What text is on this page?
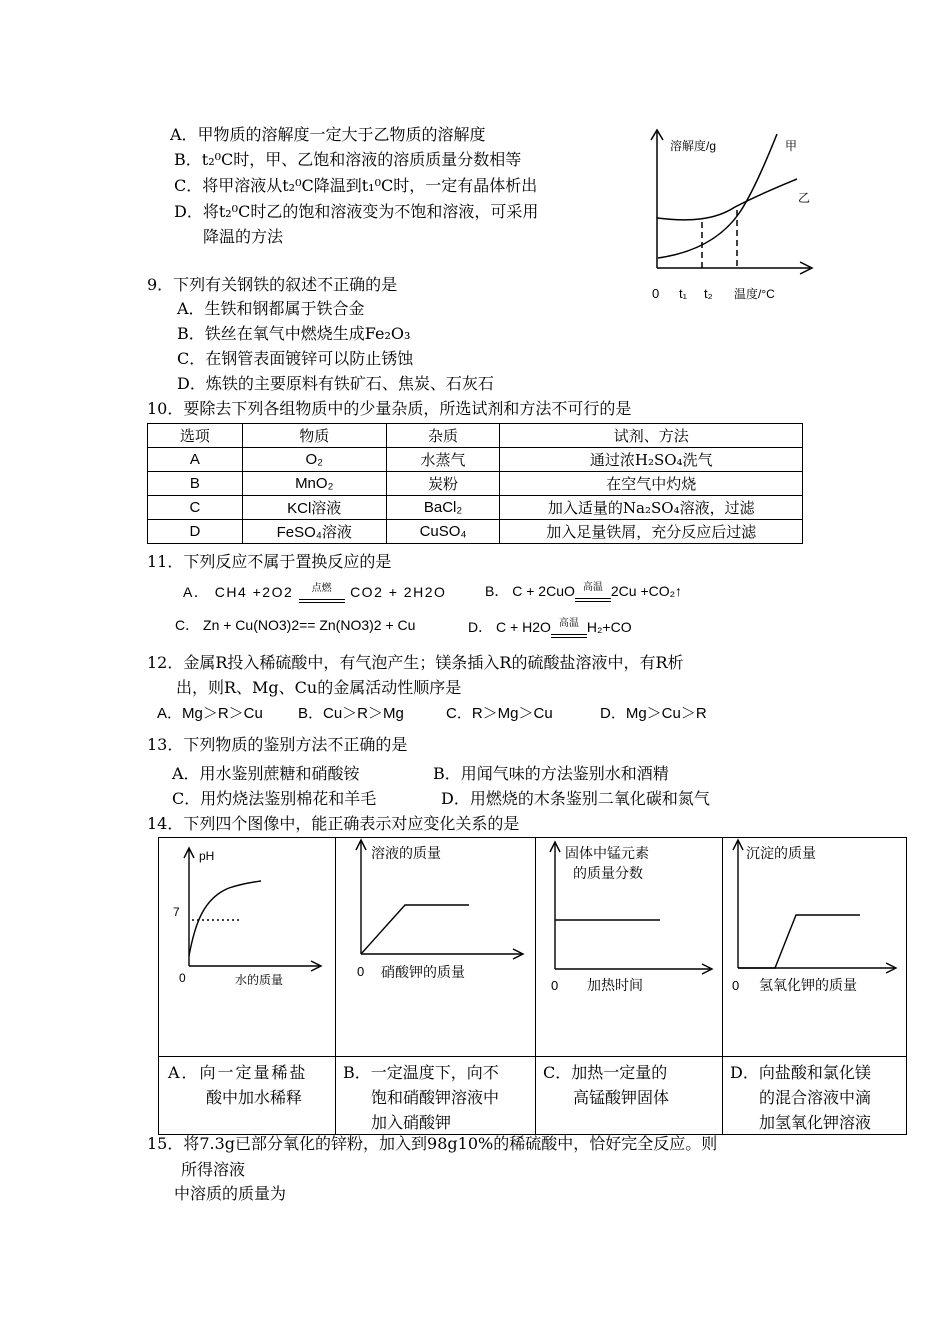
A．甲物质的溶解度一定大于乙物质的溶解度
B．t₂⁰C时，甲、乙饱和溶液的溶质质量分数相等
C．将甲溶液从t₂⁰C降温到t₁⁰C时，一定有晶体析出
D．将t₂⁰C时乙的饱和溶液变为不饱和溶液，可采用
降温的方法
溶解度/g	甲
乙
0 t₁ t₂ 温度/°C
9．下列有关钢铁的叙述不正确的是
A．生铁和钢都属于铁合金
B．铁丝在氧气中燃烧生成Fe₂O₃
C．在钢管表面镀锌可以防止锈蚀
D．炼铁的主要原料有铁矿石、焦炭、石灰石
10．要除去下列各组物质中的少量杂质，所选试剂和方法不可行的是
选项	物质	杂质	试剂、方法
A	O₂	水蒸气	通过浓H₂SO₄洗气
B	MnO₂	炭粉	在空气中灼烧
C	KCl溶液	BaCl₂	加入适量的Na₂SO₄溶液，过滤
D	FeSO₄溶液	CuSO₄	加入足量铁屑，充分反应后过滤
11．下列反应不属于置换反应的是
A． CH4 +2O2 点燃 CO2 + 2H2O	B． C + 2CuO 高温 2Cu +CO₂↑
C． Zn + Cu(NO3)2== Zn(NO3)2 + Cu	D． C + H2O 高温 H₂+CO
12．金属R投入稀硫酸中，有气泡产生；镁条插入R的硫酸盐溶液中，有R析
出，则R、Mg、Cu的金属活动性顺序是
A．Mg＞R＞Cu B．Cu＞R＞Mg	C．R＞Mg＞Cu	D．Mg＞Cu＞R
13．下列物质的鉴别方法不正确的是
A．用水鉴别蔗糖和硝酸铵	B．用闻气味的方法鉴别水和酒精
C．用灼烧法鉴别棉花和羊毛	D．用燃烧的木条鉴别二氧化碳和氮气
14．下列四个图像中，能正确表示对应变化关系的是
pH
7
0	水的质量
A．向一定量稀盐
酸中加水稀释
溶液的质量
0 硝酸钾的质量
B．一定温度下，向不
饱和硝酸钾溶液中
加入硝酸钾
固体中锰元素
的质量分数
0 加热时间
C．加热一定量的
高锰酸钾固体
沉淀的质量
0 氢氧化钾的质量
D．向盐酸和氯化镁
的混合溶液中滴
加氢氧化钾溶液
15．将7.3g已部分氧化的锌粉，加入到98g10%的稀硫酸中，恰好完全反应。则
所得溶液
中溶质的质量为
